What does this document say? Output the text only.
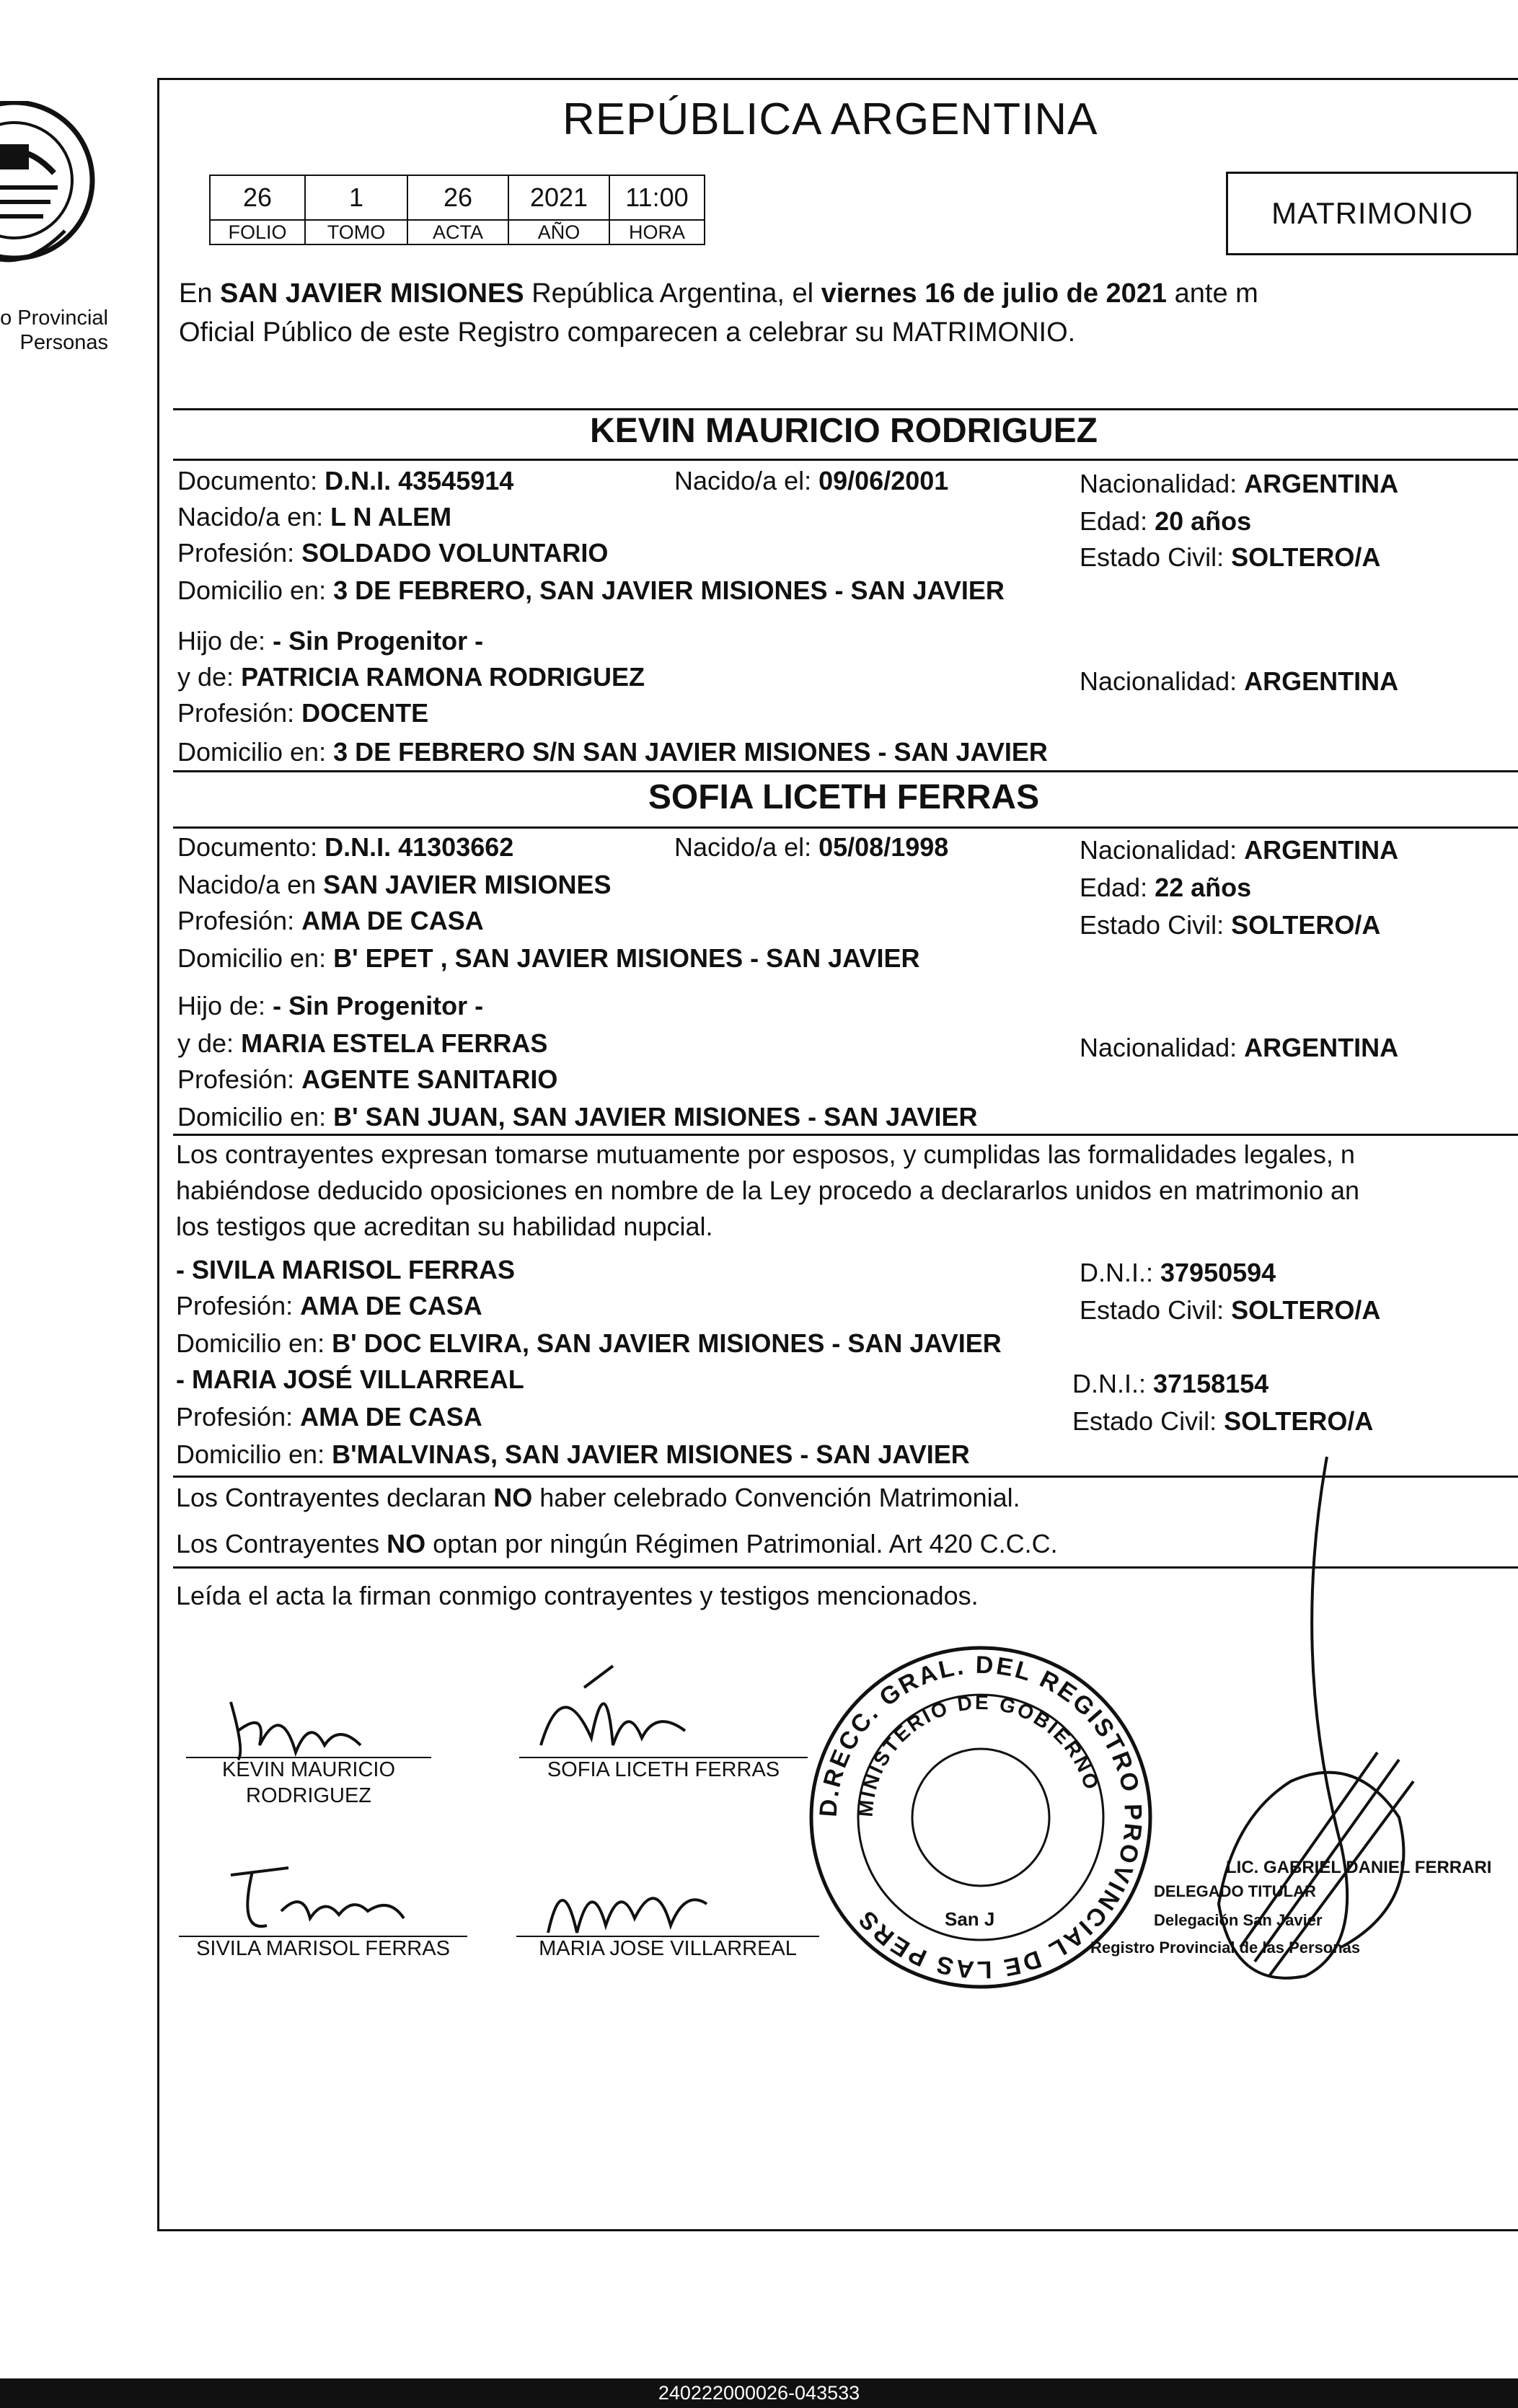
o Provincial
Personas
REPÚBLICA ARGENTINA
26	1	26	2021	11:00
FOLIO	TOMO	ACTA	AÑO	HORA
MATRIMONIO
En SAN JAVIER MISIONES República Argentina, el viernes 16 de julio de 2021 ante m
Oficial Público de este Registro comparecen a celebrar su MATRIMONIO.
KEVIN MAURICIO RODRIGUEZ
Documento: D.N.I. 43545914	Nacido/a el: 09/06/2001	Nacionalidad: ARGENTINA
Nacido/a en: L N ALEM	Edad: 20 años
Profesión: SOLDADO VOLUNTARIO	Estado Civil: SOLTERO/A
Domicilio en: 3 DE FEBRERO, SAN JAVIER MISIONES - SAN JAVIER
Hijo de: - Sin Progenitor -
y de: PATRICIA RAMONA RODRIGUEZ	Nacionalidad: ARGENTINA
Profesión: DOCENTE
Domicilio en: 3 DE FEBRERO S/N SAN JAVIER MISIONES - SAN JAVIER
SOFIA LICETH FERRAS
Documento: D.N.I. 41303662	Nacido/a el: 05/08/1998	Nacionalidad: ARGENTINA
Nacido/a en SAN JAVIER MISIONES	Edad: 22 años
Profesión: AMA DE CASA	Estado Civil: SOLTERO/A
Domicilio en: B' EPET , SAN JAVIER MISIONES - SAN JAVIER
Hijo de: - Sin Progenitor -
y de: MARIA ESTELA FERRAS	Nacionalidad: ARGENTINA
Profesión: AGENTE SANITARIO
Domicilio en: B' SAN JUAN, SAN JAVIER MISIONES - SAN JAVIER
Los contrayentes expresan tomarse mutuamente por esposos, y cumplidas las formalidades legales, n
habiéndose deducido oposiciones en nombre de la Ley procedo a declararlos unidos en matrimonio an
los testigos que acreditan su habilidad nupcial.
- SIVILA MARISOL FERRAS	D.N.I.: 37950594
Profesión: AMA DE CASA	Estado Civil: SOLTERO/A
Domicilio en: B' DOC ELVIRA, SAN JAVIER MISIONES - SAN JAVIER
- MARIA JOSÉ VILLARREAL	D.N.I.: 37158154
Profesión: AMA DE CASA	Estado Civil: SOLTERO/A
Domicilio en: B'MALVINAS, SAN JAVIER MISIONES - SAN JAVIER
Los Contrayentes declaran NO haber celebrado Convención Matrimonial.
Los Contrayentes NO optan por ningún Régimen Patrimonial. Art 420 C.C.C.
Leída el acta la firman conmigo contrayentes y testigos mencionados.
KEVIN MAURICIO
RODRIGUEZ
SOFIA LICETH FERRAS
SIVILA MARISOL FERRAS	MARIA JOSE VILLARREAL
D.RECC. GRAL. DEL REGISTRO PROVINCIAL DE LAS PERS
MINISTERIO DE GOBIERNO
San J
LIC. GABRIEL DANIEL FERRARI
DELEGADO TITULAR
Delegación San Javier
Registro Provincial de las Personas
240222000026-043533
